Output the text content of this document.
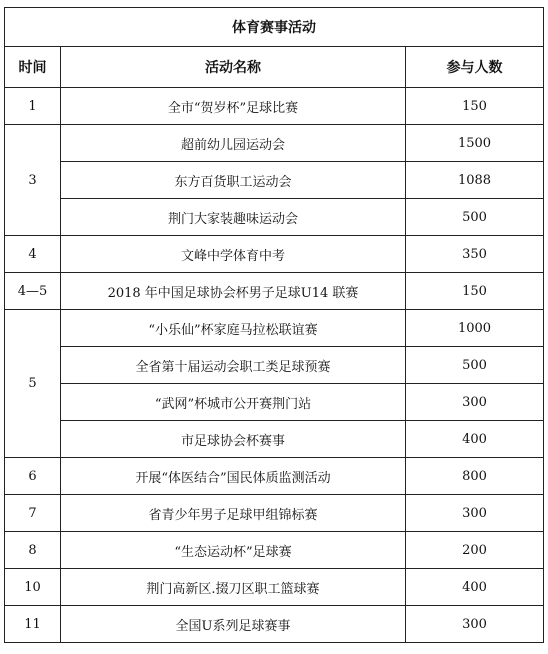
体育赛事活动		
时间	活动名称	参与人数
1	全市“贺岁杯”足球比赛	150
3	超前幼儿园运动会	1500
	东方百货职工运动会	1088
	荆门大家装趣味运动会	500
4	文峰中学体育中考	350
4—5	2018 年中国足球协会杯男子足球U14 联赛	150
5	“小乐仙”杯家庭马拉松联谊赛	1000
	全省第十届运动会职工类足球预赛	500
	“武网”杯城市公开赛荆门站	300
	市足球协会杯赛事	400
6	开展“体医结合”国民体质监测活动	800
7	省青少年男子足球甲组锦标赛	300
8	“生态运动杯”足球赛	200
10	荆门高新区.掇刀区职工篮球赛	400
11	全国U系列足球赛事	300
